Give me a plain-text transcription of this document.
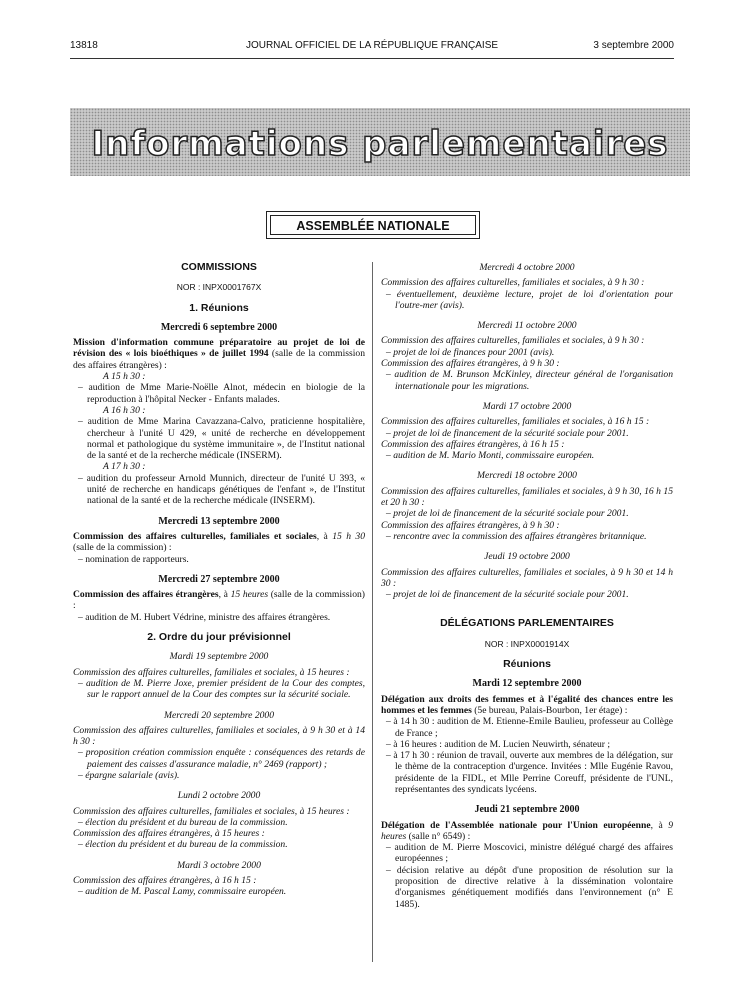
13818	JOURNAL OFFICIEL DE LA RÉPUBLIQUE FRANÇAISE	3 septembre 2000
Informations parlementaires
ASSEMBLÉE NATIONALE
COMMISSIONS
NOR : INPX0001767X
1. Réunions
Mercredi 6 septembre 2000

Mission d'information commune préparatoire au projet de loi de révision des « lois bioéthiques » de juillet 1994 (salle de la commission des affaires étrangères) :

A 15 h 30 :

– audition de Mme Marie-Noëlle Alnot, médecin en biologie de la reproduction à l'hôpital Necker - Enfants malades.

A 16 h 30 :

– audition de Mme Marina Cavazzana-Calvo, praticienne hospitalière, chercheur à l'unité U 429, « unité de recherche en développement normal et pathologique du système immunitaire », de l'Institut national de la santé et de la recherche médicale (INSERM).

A 17 h 30 :

– audition du professeur Arnold Munnich, directeur de l'unité U 393, « unité de recherche en handicaps génétiques de l'enfant », de l'Institut national de la santé et de la recherche médicale (INSERM).

Mercredi 13 septembre 2000

Commission des affaires culturelles, familiales et sociales, à 15 h 30 (salle de la commission) :

– nomination de rapporteurs.

Mercredi 27 septembre 2000

Commission des affaires étrangères, à 15 heures (salle de la commission) :

– audition de M. Hubert Védrine, ministre des affaires étrangères.

2. Ordre du jour prévisionnel
Mardi 19 septembre 2000

Commission des affaires culturelles, familiales et sociales, à 15 heures :

– audition de M. Pierre Joxe, premier président de la Cour des comptes, sur le rapport annuel de la Cour des comptes sur la sécurité sociale.

Mercredi 20 septembre 2000

Commission des affaires culturelles, familiales et sociales, à 9 h 30 et à 14 h 30 :

– proposition création commission enquête : conséquences des retards de paiement des caisses d'assurance maladie, n° 2469 (rapport) ;

– épargne salariale (avis).

Lundi 2 octobre 2000

Commission des affaires culturelles, familiales et sociales, à 15 heures :

– élection du président et du bureau de la commission.

Commission des affaires étrangères, à 15 heures :

– élection du président et du bureau de la commission.

Mardi 3 octobre 2000

Commission des affaires étrangères, à 16 h 15 :

– audition de M. Pascal Lamy, commissaire européen.

Mercredi 4 octobre 2000

Commission des affaires culturelles, familiales et sociales, à 9 h 30 :

– éventuellement, deuxième lecture, projet de loi d'orientation pour l'outre-mer (avis).

Mercredi 11 octobre 2000

Commission des affaires culturelles, familiales et sociales, à 9 h 30 :

– projet de loi de finances pour 2001 (avis).

Commission des affaires étrangères, à 9 h 30 :

– audition de M. Brunson McKinley, directeur général de l'organisation internationale pour les migrations.

Mardi 17 octobre 2000

Commission des affaires culturelles, familiales et sociales, à 16 h 15 :

– projet de loi de financement de la sécurité sociale pour 2001.

Commission des affaires étrangères, à 16 h 15 :

– audition de M. Mario Monti, commissaire européen.

Mercredi 18 octobre 2000

Commission des affaires culturelles, familiales et sociales, à 9 h 30, 16 h 15 et 20 h 30 :

– projet de loi de financement de la sécurité sociale pour 2001.

Commission des affaires étrangères, à 9 h 30 :

– rencontre avec la commission des affaires étrangères britannique.

Jeudi 19 octobre 2000

Commission des affaires culturelles, familiales et sociales, à 9 h 30 et 14 h 30 :

– projet de loi de financement de la sécurité sociale pour 2001.

DÉLÉGATIONS PARLEMENTAIRES
NOR : INPX0001914X
Réunions
Mardi 12 septembre 2000

Délégation aux droits des femmes et à l'égalité des chances entre les hommes et les femmes (5e bureau, Palais-Bourbon, 1er étage) :

– à 14 h 30 : audition de M. Etienne-Emile Baulieu, professeur au Collège de France ;

– à 16 heures : audition de M. Lucien Neuwirth, sénateur ;

– à 17 h 30 : réunion de travail, ouverte aux membres de la délégation, sur le thème de la contraception d'urgence. Invitées : Mlle Eugénie Ravou, présidente de la FIDL, et Mlle Perrine Coreuff, présidente de l'UNL, représentantes des syndicats lycéens.

Jeudi 21 septembre 2000

Délégation de l'Assemblée nationale pour l'Union européenne, à 9 heures (salle n° 6549) :

– audition de M. Pierre Moscovici, ministre délégué chargé des affaires européennes ;

– décision relative au dépôt d'une proposition de résolution sur la proposition de directive relative à la dissémination volontaire d'organismes génétiquement modifiés dans l'environnement (n° E 1485).
